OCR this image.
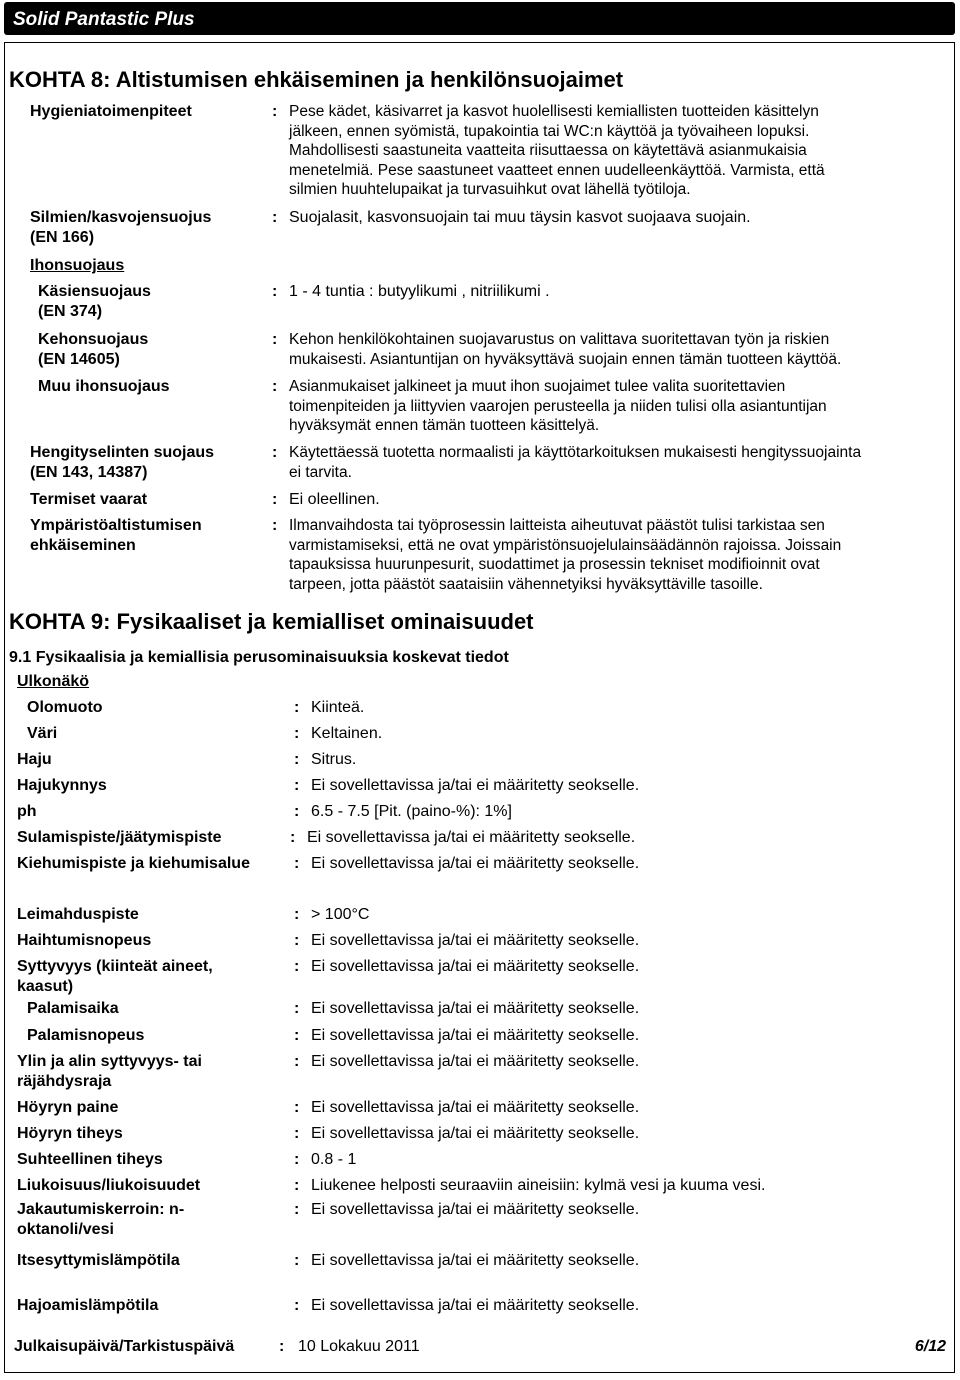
Solid Pantastic Plus
KOHTA 8: Altistumisen ehkäiseminen ja henkilönsuojaimet
Hygieniatoimenpiteet	: Pese kädet, käsivarret ja kasvot huolellisesti kemiallisten tuotteiden käsittelyn
jälkeen, ennen syömistä, tupakointia tai WC:n käyttöä ja työvaiheen lopuksi.
Mahdollisesti saastuneita vaatteita riisuttaessa on käytettävä asianmukaisia
menetelmiä. Pese saastuneet vaatteet ennen uudelleenkäyttöä. Varmista, että
silmien huuhtelupaikat ja turvasuihkut ovat lähellä työtiloja.
Silmien/kasvojensuojus
(EN 166)
: Suojalasit, kasvonsuojain tai muu täysin kasvot suojaava suojain.
Ihonsuojaus
Käsiensuojaus
(EN 374)
: 1 - 4 tuntia : butyylikumi , nitriilikumi .
Kehonsuojaus
(EN 14605)
: Kehon henkilökohtainen suojavarustus on valittava suoritettavan työn ja riskien
mukaisesti. Asiantuntijan on hyväksyttävä suojain ennen tämän tuotteen käyttöä.
Muu ihonsuojaus	: Asianmukaiset jalkineet ja muut ihon suojaimet tulee valita suoritettavien
toimenpiteiden ja liittyvien vaarojen perusteella ja niiden tulisi olla asiantuntijan
hyväksymät ennen tämän tuotteen käsittelyä.
Hengityselinten suojaus
(EN 143, 14387)
: Käytettäessä tuotetta normaalisti ja käyttötarkoituksen mukaisesti hengityssuojainta
ei tarvita.
Termiset vaarat	: Ei oleellinen.
Ympäristöaltistumisen
ehkäiseminen
: Ilmanvaihdosta tai työprosessin laitteista aiheutuvat päästöt tulisi tarkistaa sen
varmistamiseksi, että ne ovat ympäristönsuojelulainsäädännön rajoissa. Joissain
tapauksissa huurunpesurit, suodattimet ja prosessin tekniset modifioinnit ovat
tarpeen, jotta päästöt saataisiin vähennetyiksi hyväksyttäville tasoille.
KOHTA 9: Fysikaaliset ja kemialliset ominaisuudet
9.1 Fysikaalisia ja kemiallisia perusominaisuuksia koskevat tiedot
Ulkonäkö
Olomuoto	: Kiinteä.
Väri	: Keltainen.
Haju	: Sitrus.
Hajukynnys	: Ei sovellettavissa ja/tai ei määritetty seokselle.
ph	: 6.5 - 7.5 [Pit. (paino-%): 1%]
Sulamispiste/jäätymispiste	: Ei sovellettavissa ja/tai ei määritetty seokselle.
Kiehumispiste ja kiehumisalue	: Ei sovellettavissa ja/tai ei määritetty seokselle.
Leimahduspiste	: > 100°C
Haihtumisnopeus	: Ei sovellettavissa ja/tai ei määritetty seokselle.
Syttyvyys (kiinteät aineet,
kaasut)
: Ei sovellettavissa ja/tai ei määritetty seokselle.
Palamisaika	: Ei sovellettavissa ja/tai ei määritetty seokselle.
Palamisnopeus	: Ei sovellettavissa ja/tai ei määritetty seokselle.
Ylin ja alin syttyvyys- tai
räjähdysraja
: Ei sovellettavissa ja/tai ei määritetty seokselle.
Höyryn paine	: Ei sovellettavissa ja/tai ei määritetty seokselle.
Höyryn tiheys	: Ei sovellettavissa ja/tai ei määritetty seokselle.
Suhteellinen tiheys	: 0.8 - 1
Liukoisuus/liukoisuudet	: Liukenee helposti seuraaviin aineisiin: kylmä vesi ja kuuma vesi.
Jakautumiskerroin: n-
oktanoli/vesi
: Ei sovellettavissa ja/tai ei määritetty seokselle.
Itsesyttymislämpötila	: Ei sovellettavissa ja/tai ei määritetty seokselle.
Hajoamislämpötila	: Ei sovellettavissa ja/tai ei määritetty seokselle.
Julkaisupäivä/Tarkistuspäivä	: 10 Lokakuu 2011	6/12
